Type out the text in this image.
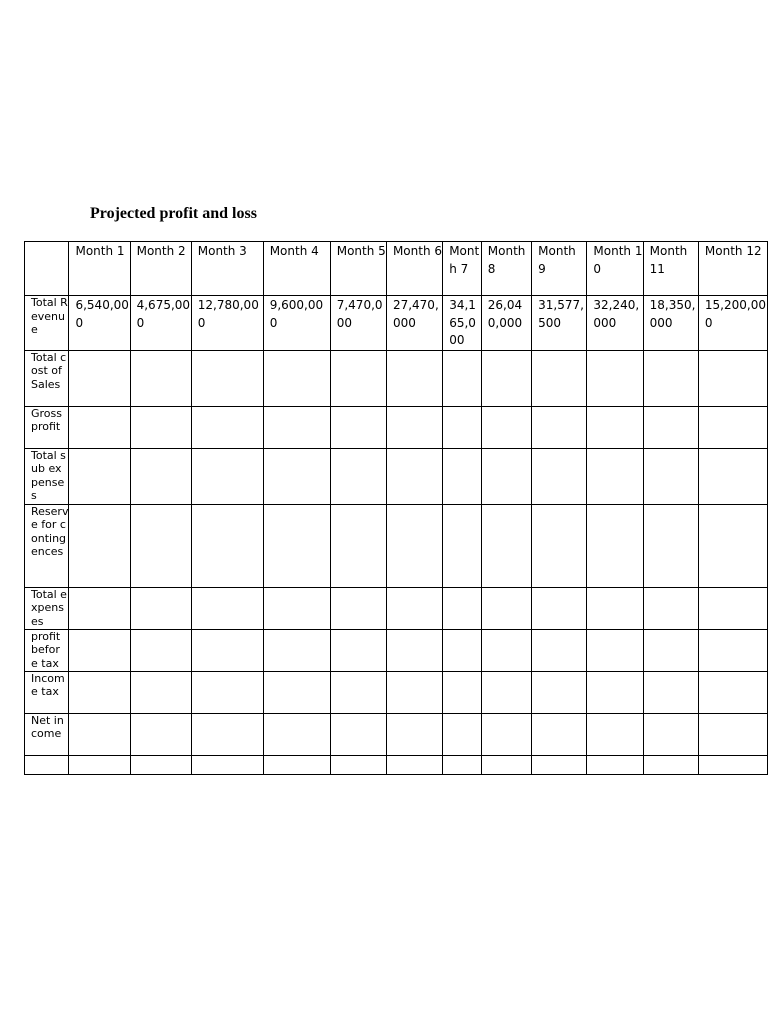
Projected profit and loss

	Month 1	Month 2	Month 3	Month 4	Month 5	Month 6	Month 7	Month 8	Month 9	Month 10	Month 11	Month 12

Total Revenue	6,540,000	4,675,000	12,780,000	9,600,000	7,470,000	27,470,000	34,165,000	26,040,000	31,577,500	32,240,000	18,350,000	15,200,000

Total cost of Sales												

Gross profit												

Total sub expenses												

Reserve for contingences												

Total expenses												

profit befor e tax												

Income tax												

Net income												
